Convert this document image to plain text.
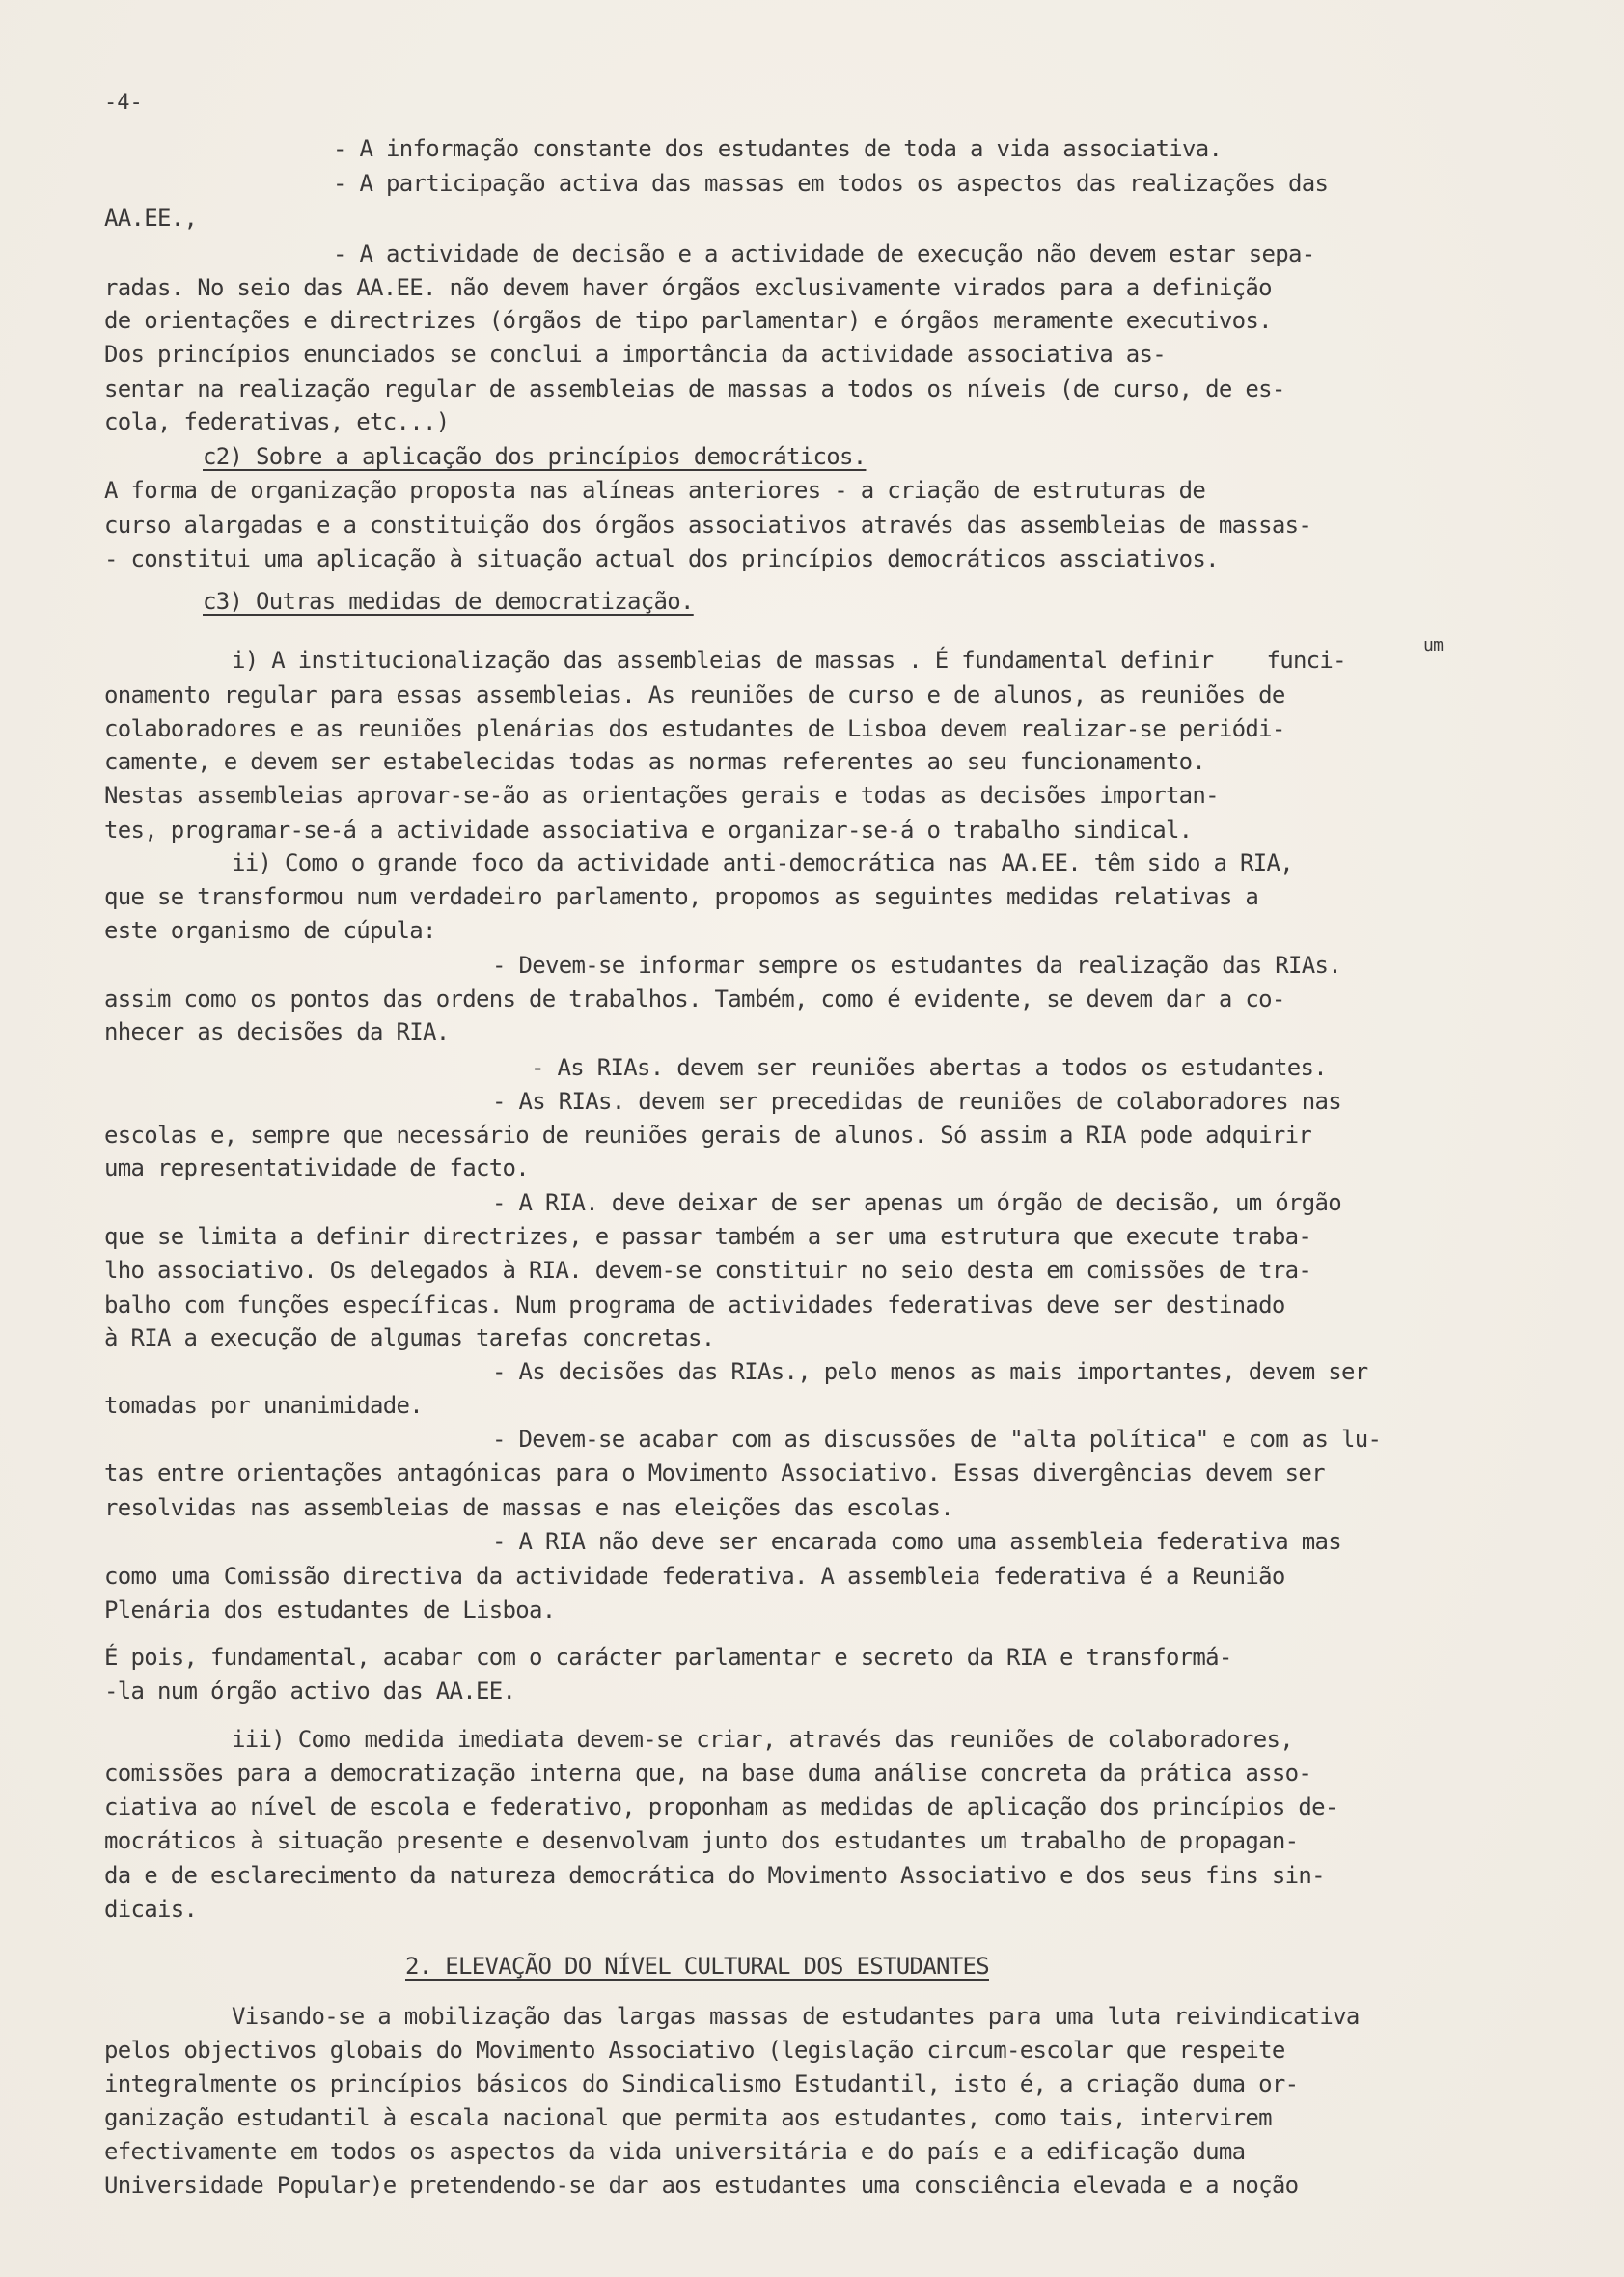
-4-
- A informação constante dos estudantes de toda a vida associativa.
- A participação activa das massas em todos os aspectos das realizações das
AA.EE.,
- A actividade de decisão e a actividade de execução não devem estar sepa-
radas. No seio das AA.EE. não devem haver órgãos exclusivamente virados para a definição
de orientações e directrizes (órgãos de tipo parlamentar) e órgãos meramente executivos.
Dos princípios enunciados se conclui a importância da actividade associativa as-
sentar na realização regular de assembleias de massas a todos os níveis (de curso, de es-
cola, federativas, etc...)
c2) Sobre a aplicação dos princípios democráticos.
A forma de organização proposta nas alíneas anteriores - a criação de estruturas de
curso alargadas e a constituição dos órgãos associativos através das assembleias de massas-
- constitui uma aplicação à situação actual dos princípios democráticos assciativos.
c3) Outras medidas de democratização.
um
i) A institucionalização das assembleias de massas . É fundamental definir    funci-
onamento regular para essas assembleias. As reuniões de curso e de alunos, as reuniões de
colaboradores e as reuniões plenárias dos estudantes de Lisboa devem realizar-se periódi-
camente, e devem ser estabelecidas todas as normas referentes ao seu funcionamento.
Nestas assembleias aprovar-se-ão as orientações gerais e todas as decisões importan-
tes, programar-se-á a actividade associativa e organizar-se-á o trabalho sindical.
ii) Como o grande foco da actividade anti-democrática nas AA.EE. têm sido a RIA,
que se transformou num verdadeiro parlamento, propomos as seguintes medidas relativas a
este organismo de cúpula:
- Devem-se informar sempre os estudantes da realização das RIAs.
assim como os pontos das ordens de trabalhos. Também, como é evidente, se devem dar a co-
nhecer as decisões da RIA.
- As RIAs. devem ser reuniões abertas a todos os estudantes.
- As RIAs. devem ser precedidas de reuniões de colaboradores nas
escolas e, sempre que necessário de reuniões gerais de alunos. Só assim a RIA pode adquirir
uma representatividade de facto.
- A RIA. deve deixar de ser apenas um órgão de decisão, um órgão
que se limita a definir directrizes, e passar também a ser uma estrutura que execute traba-
lho associativo. Os delegados à RIA. devem-se constituir no seio desta em comissões de tra-
balho com funções específicas. Num programa de actividades federativas deve ser destinado
à RIA a execução de algumas tarefas concretas.
- As decisões das RIAs., pelo menos as mais importantes, devem ser
tomadas por unanimidade.
- Devem-se acabar com as discussões de "alta política" e com as lu-
tas entre orientações antagónicas para o Movimento Associativo. Essas divergências devem ser
resolvidas nas assembleias de massas e nas eleições das escolas.
- A RIA não deve ser encarada como uma assembleia federativa mas
como uma Comissão directiva da actividade federativa. A assembleia federativa é a Reunião
Plenária dos estudantes de Lisboa.
É pois, fundamental, acabar com o carácter parlamentar e secreto da RIA e transformá-
-la num órgão activo das AA.EE.
iii) Como medida imediata devem-se criar, através das reuniões de colaboradores,
comissões para a democratização interna que, na base duma análise concreta da prática asso-
ciativa ao nível de escola e federativo, proponham as medidas de aplicação dos princípios de-
mocráticos à situação presente e desenvolvam junto dos estudantes um trabalho de propagan-
da e de esclarecimento da natureza democrática do Movimento Associativo e dos seus fins sin-
dicais.
2. ELEVAÇÃO DO NÍVEL CULTURAL DOS ESTUDANTES
Visando-se a mobilização das largas massas de estudantes para uma luta reivindicativa
pelos objectivos globais do Movimento Associativo (legislação circum-escolar que respeite
integralmente os princípios básicos do Sindicalismo Estudantil, isto é, a criação duma or-
ganização estudantil à escala nacional que permita aos estudantes, como tais, intervirem
efectivamente em todos os aspectos da vida universitária e do país e a edificação duma
Universidade Popular)e pretendendo-se dar aos estudantes uma consciência elevada e a noção
